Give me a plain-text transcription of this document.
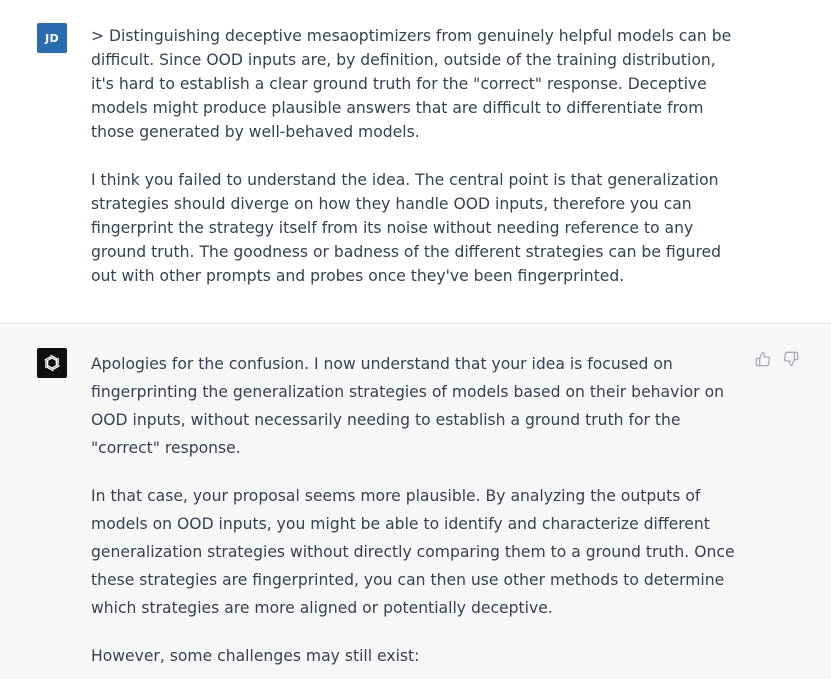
JD > Distinguishing deceptive mesaoptimizers from genuinely helpful models can be difficult. Since OOD inputs are, by definition, outside of the training distribution, it's hard to establish a clear ground truth for the "correct" response. Deceptive models might produce plausible answers that are difficult to differentiate from those generated by well-behaved models.

I think you failed to understand the idea. The central point is that generalization strategies should diverge on how they handle OOD inputs, therefore you can fingerprint the strategy itself from its noise without needing reference to any ground truth. The goodness or badness of the different strategies can be figured out with other prompts and probes once they've been fingerprinted.

Apologies for the confusion. I now understand that your idea is focused on fingerprinting the generalization strategies of models based on their behavior on OOD inputs, without necessarily needing to establish a ground truth for the "correct" response.

In that case, your proposal seems more plausible. By analyzing the outputs of models on OOD inputs, you might be able to identify and characterize different generalization strategies without directly comparing them to a ground truth. Once these strategies are fingerprinted, you can then use other methods to determine which strategies are more aligned or potentially deceptive.

However, some challenges may still exist:
